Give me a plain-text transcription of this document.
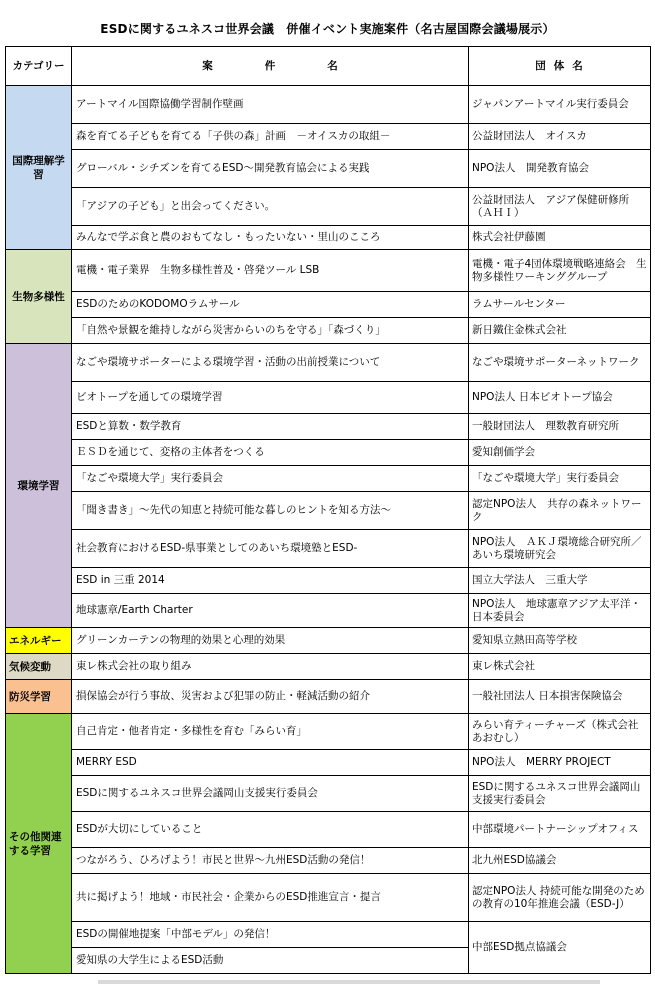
ESDに関するユネスコ世界会議　併催イベント実施案件（名古屋国際会議場展示）
カテゴリー	案件名	団体名
国際理解学習	アートマイル国際協働学習制作壁画	ジャパンアートマイル実行委員会
	森を育てる子どもを育てる「子供の森」計画　－オイスカの取組－	公益財団法人　オイスカ
	グローバル・シチズンを育てるESD～開発教育協会による実践	NPO法人　開発教育協会
	「アジアの子ども」と出会ってください。	公益財団法人　アジア保健研修所（ＡＨＩ）
	みんなで学ぶ食と農のおもてなし・もったいない・里山のこころ	株式会社伊藤園
生物多様性	電機・電子業界　生物多様性普及・啓発ツール LSB	電機・電子4団体環境戦略連絡会　生物多様性ワーキンググループ
	ESDのためのKODOMOラムサール	ラムサールセンター
	「自然や景観を維持しながら災害からいのちを守る」「森づくり」	新日鐵住金株式会社
環境学習	なごや環境サポーターによる環境学習・活動の出前授業について	なごや環境サポーターネットワーク
	ビオトープを通しての環境学習	NPO法人 日本ビオトープ協会
	ESDと算数・数学教育	一般財団法人　理数教育研究所
	ＥＳＤを通じて、変格の主体者をつくる	愛知創価学会
	「なごや環境大学」実行委員会	「なごや環境大学」実行委員会
	「聞き書き」～先代の知恵と持続可能な暮しのヒントを知る方法～	認定NPO法人　共存の森ネットワーク
	社会教育におけるESD-県事業としてのあいち環境塾とESD-	NPO法人　ＡＫＪ環境総合研究所／あいち環境研究会
	ESD in 三重 2014	国立大学法人　三重大学
	地球憲章/Earth Charter	NPO法人　地球憲章アジア太平洋・日本委員会
エネルギー	グリーンカーテンの物理的効果と心理的効果	愛知県立熱田高等学校
気候変動	東レ株式会社の取り組み	東レ株式会社
防災学習	損保協会が行う事故、災害および犯罪の防止・軽減活動の紹介	一般社団法人 日本損害保険協会
その他関連する学習	自己肯定・他者肯定・多様性を育む「みらい育」	みらい育ティーチャーズ（株式会社あおむし）
	MERRY ESD	NPO法人　MERRY PROJECT
	ESDに関するユネスコ世界会議岡山支援実行委員会	ESDに関するユネスコ世界会議岡山支援実行委員会
	ESDが大切にしていること	中部環境パートナーシップオフィス
	つながろう、ひろげよう！市民と世界～九州ESD活動の発信！	北九州ESD協議会
	共に掲げよう！地域・市民社会・企業からのESD推進宣言・提言	認定NPO法人 持続可能な開発のための教育の10年推進会議（ESD-J）
	ESDの開催地提案「中部モデル」の発信！	中部ESD拠点協議会
	愛知県の大学生によるESD活動	
